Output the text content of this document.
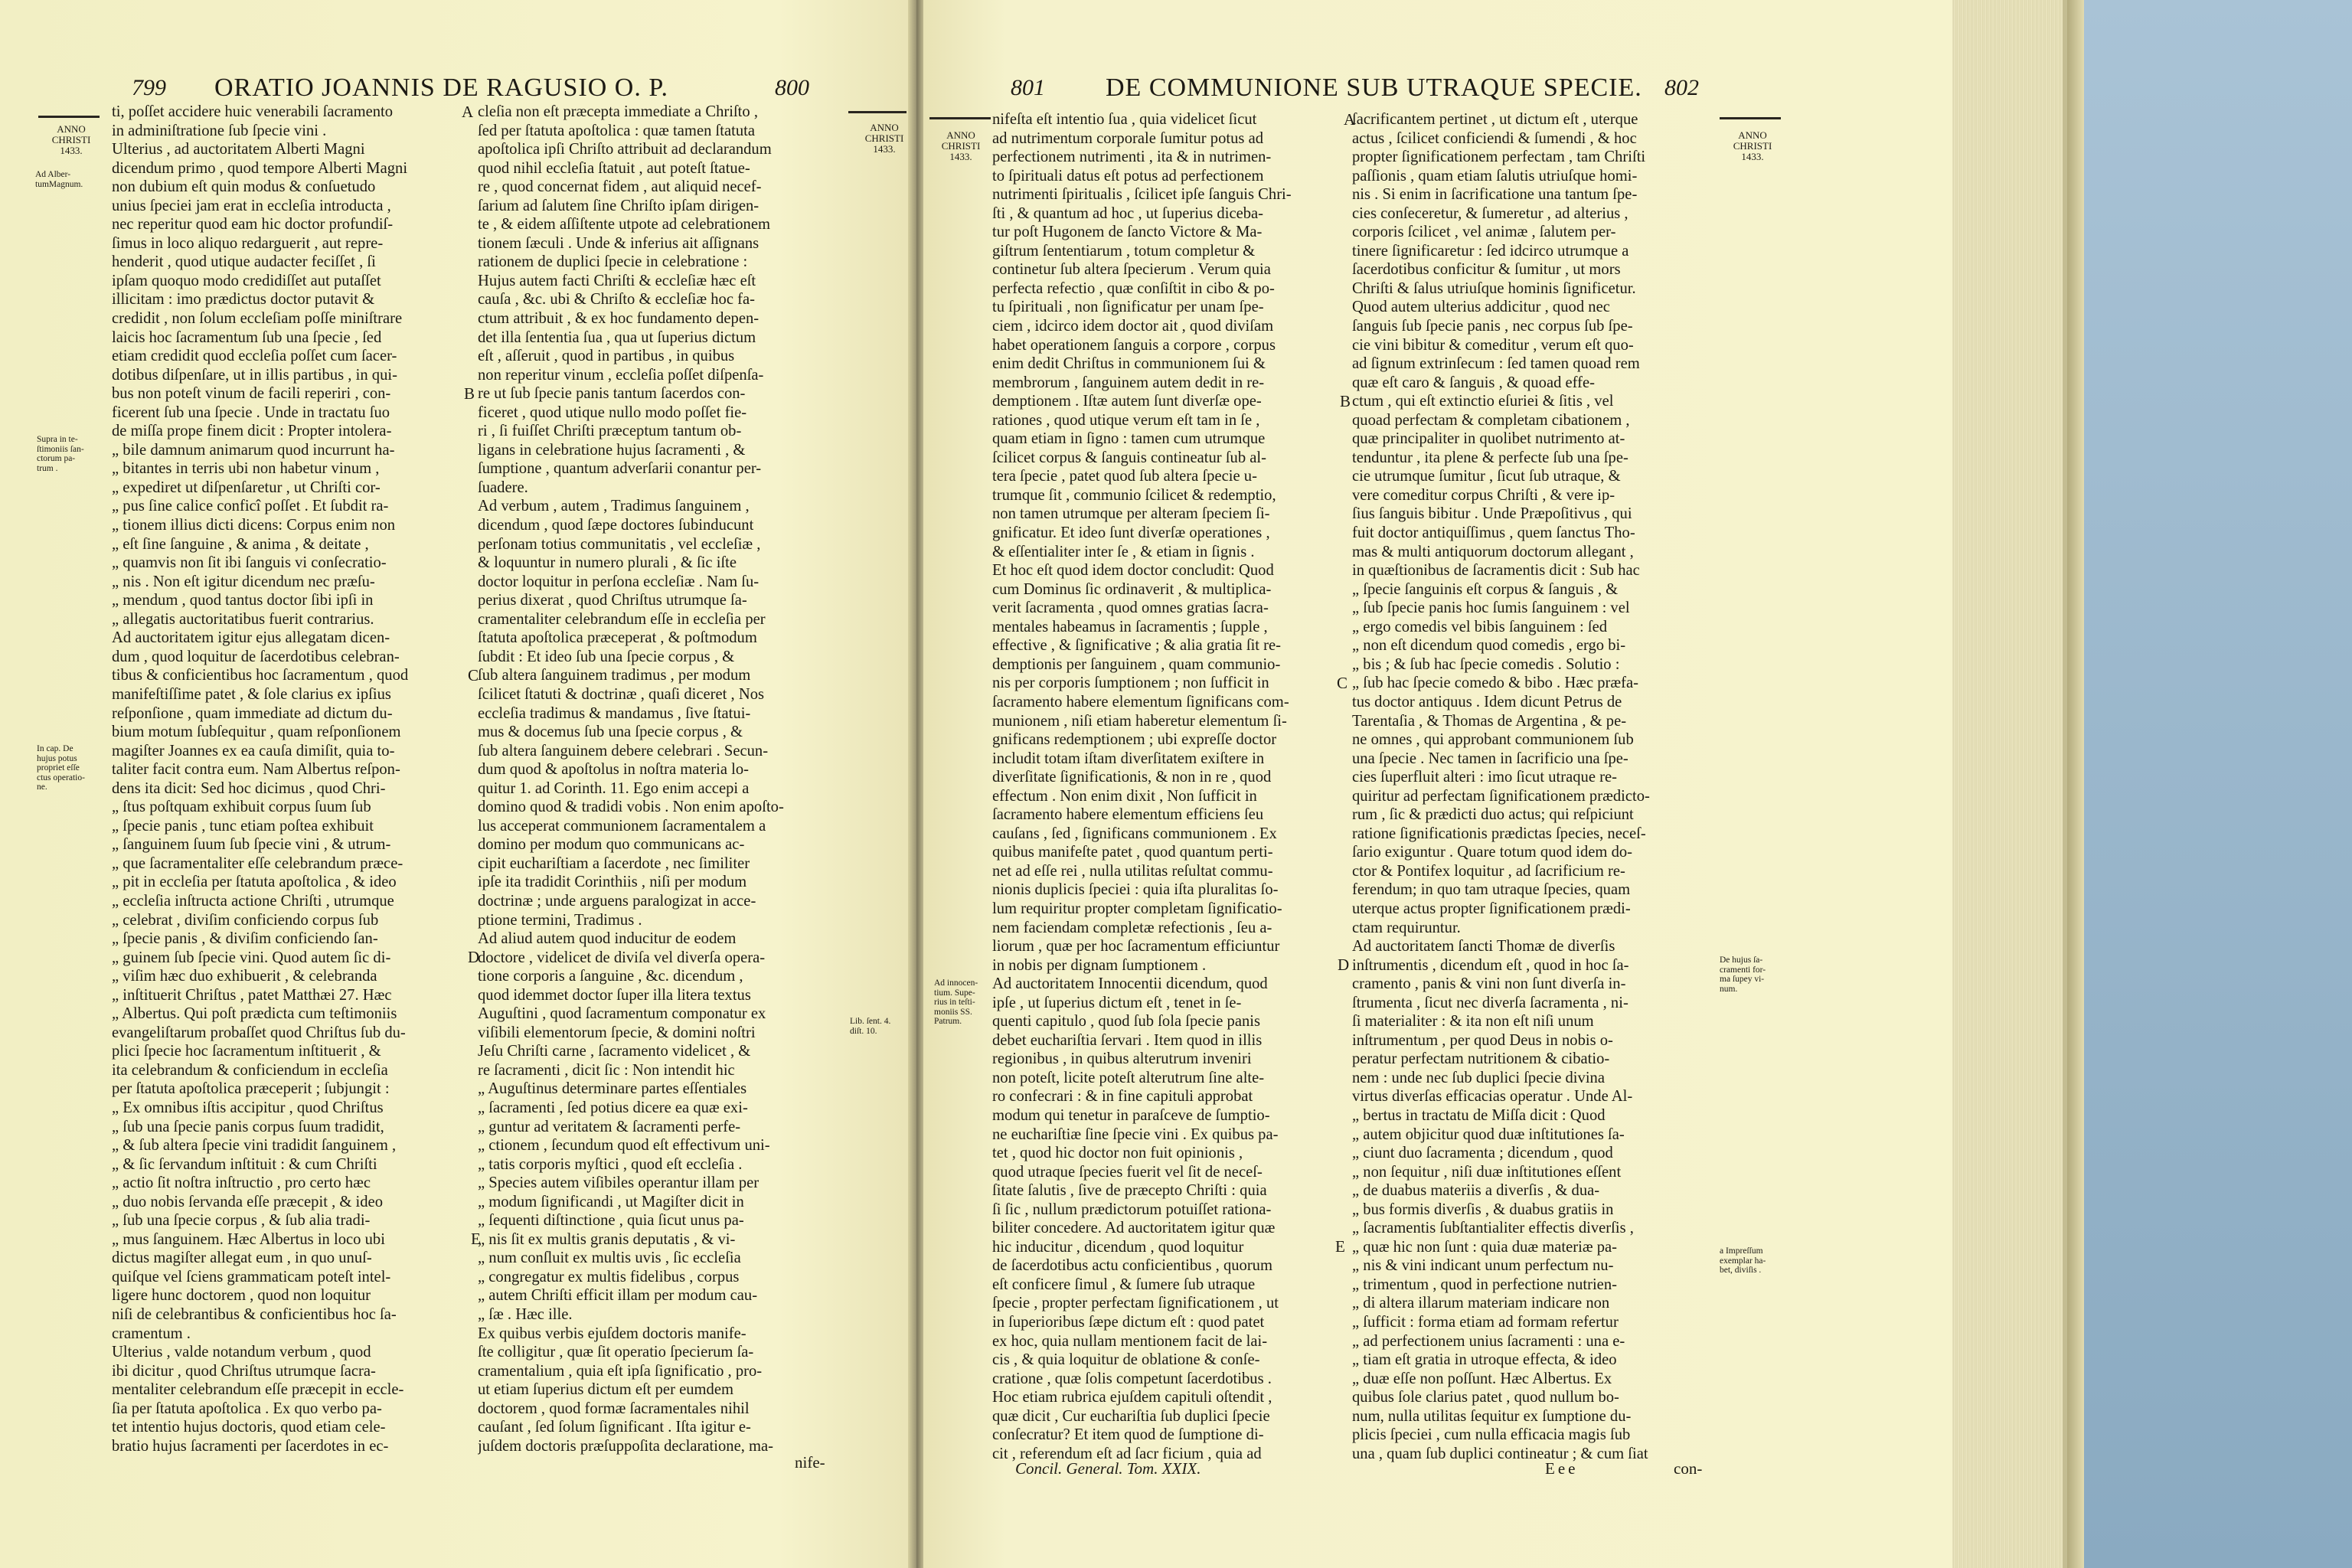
799 ORATIO JOANNIS DE RAGUSIO O. P.	800
ANNO
CHRISTI
1433.
ANNO
CHRISTI
1433.
Ad Alber-
tumMagnum.
Supra in te-
ſtimoniis ſan-
ctorum pa-
trum .
In cap. De
hujus potus
propriet eſſe
ctus operatio-
ne.
Lib. ſent. 4.
diſt. 10.
A
B
C
D
E
ti, poſſet accidere huic venerabili ſacramento
in adminiſtratione ſub ſpecie vini .
Ulterius , ad auctoritatem Alberti Magni
dicendum primo , quod tempore Alberti Magni
non dubium eſt quin modus & conſuetudo
unius ſpeciei jam erat in eccleſia introducta ,
nec reperitur quod eam hic doctor profundiſ-
ſimus in loco aliquo redarguerit , aut repre-
henderit , quod utique audacter feciſſet , ſi
ipſam quoquo modo credidiſſet aut putaſſet
illicitam : imo prædictus doctor putavit &
credidit , non ſolum eccleſiam poſſe miniſtrare
laicis hoc ſacramentum ſub una ſpecie , ſed
etiam credidit quod eccleſia poſſet cum ſacer-
dotibus diſpenſare, ut in illis partibus , in qui-
bus non poteſt vinum de facili reperiri , con-
ficerent ſub una ſpecie . Unde in tractatu ſuo
de miſſa prope finem dicit : Propter intolera-
„ bile damnum animarum quod incurrunt ha-
„ bitantes in terris ubi non habetur vinum ,
„ expediret ut diſpenſaretur , ut Chriſti cor-
„ pus ſine calice conficî poſſet . Et ſubdit ra-
„ tionem illius dicti dicens: Corpus enim non
„ eſt ſine ſanguine , & anima , & deitate ,
„ quamvis non ſit ibi ſanguis vi conſecratio-
„ nis . Non eſt igitur dicendum nec præſu-
„ mendum , quod tantus doctor ſibi ipſi in
„ allegatis auctoritatibus fuerit contrarius.
Ad auctoritatem igitur ejus allegatam dicen-
dum , quod loquitur de ſacerdotibus celebran-
tibus & conficientibus hoc ſacramentum , quod
manifeſtiſſime patet , & ſole clarius ex ipſius
reſponſione , quam immediate ad dictum du-
bium motum ſubſequitur , quam reſponſionem
magiſter Joannes ex ea cauſa dimiſit, quia to-
taliter facit contra eum. Nam Albertus reſpon-
dens ita dicit: Sed hoc dicimus , quod Chri-
„ ſtus poſtquam exhibuit corpus ſuum ſub
„ ſpecie panis , tunc etiam poſtea exhibuit
„ ſanguinem ſuum ſub ſpecie vini , & utrum-
„ que ſacramentaliter eſſe celebrandum præce-
„ pit in eccleſia per ſtatuta apoſtolica , & ideo
„ eccleſia inſtructa actione Chriſti , utrumque
„ celebrat , diviſim conficiendo corpus ſub
„ ſpecie panis , & diviſim conficiendo ſan-
„ guinem ſub ſpecie vini. Quod autem ſic di-
„ viſim hæc duo exhibuerit , & celebranda
„ inſtituerit Chriſtus , patet Matthæi 27. Hæc
„ Albertus. Qui poſt prædicta cum teſtimoniis
evangeliſtarum probaſſet quod Chriſtus ſub du-
plici ſpecie hoc ſacramentum inſtituerit , &
ita celebrandum & conficiendum in eccleſia
per ſtatuta apoſtolica præceperit ; ſubjungit :
„ Ex omnibus iſtis accipitur , quod Chriſtus
„ ſub una ſpecie panis corpus ſuum tradidit,
„ & ſub altera ſpecie vini tradidit ſanguinem ,
„ & ſic ſervandum inſtituit : & cum Chriſti
„ actio ſit noſtra inſtructio , pro certo hæc
„ duo nobis ſervanda eſſe præcepit , & ideo
„ ſub una ſpecie corpus , & ſub alia tradi-
„ mus ſanguinem. Hæc Albertus in loco ubi
dictus magiſter allegat eum , in quo unuſ-
quiſque vel ſciens grammaticam poteſt intel-
ligere hunc doctorem , quod non loquitur
niſi de celebrantibus & conficientibus hoc ſa-
cramentum .
Ulterius , valde notandum verbum , quod
ibi dicitur , quod Chriſtus utrumque ſacra-
mentaliter celebrandum eſſe præcepit in eccle-
ſia per ſtatuta apoſtolica . Ex quo verbo pa-
tet intentio hujus doctoris, quod etiam cele-
bratio hujus ſacramenti per ſacerdotes in ec-
cleſia non eſt præcepta immediate a Chriſto ,
ſed per ſtatuta apoſtolica : quæ tamen ſtatuta
apoſtolica ipſi Chriſto attribuit ad declarandum
quod nihil eccleſia ſtatuit , aut poteſt ſtatue-
re , quod concernat fidem , aut aliquid necef-
ſarium ad ſalutem ſine Chriſto ipſam dirigen-
te , & eidem aſſiſtente utpote ad celebrationem
tionem ſæculi . Unde & inferius ait aſſignans
rationem de duplici ſpecie in celebratione :
Hujus autem facti Chriſti & eccleſiæ hæc eſt
cauſa , &c. ubi & Chriſto & eccleſiæ hoc fa-
ctum attribuit , & ex hoc fundamento depen-
det illa ſententia ſua , qua ut ſuperius dictum
eſt , aſſeruit , quod in partibus , in quibus
non reperitur vinum , eccleſia poſſet diſpenſa-
re ut ſub ſpecie panis tantum ſacerdos con-
ficeret , quod utique nullo modo poſſet fie-
ri , ſi fuiſſet Chriſti præceptum tantum ob-
ligans in celebratione hujus ſacramenti , &
ſumptione , quantum adverſarii conantur per-
ſuadere.
Ad verbum , autem , Tradimus ſanguinem ,
dicendum , quod ſæpe doctores ſubinducunt
perſonam totius communitatis , vel eccleſiæ ,
& loquuntur in numero plurali , & ſic iſte
doctor loquitur in perſona eccleſiæ . Nam ſu-
perius dixerat , quod Chriſtus utrumque ſa-
cramentaliter celebrandum eſſe in eccleſia per
ſtatuta apoſtolica præceperat , & poſtmodum
ſubdit : Et ideo ſub una ſpecie corpus , &
ſub altera ſanguinem tradimus , per modum
ſcilicet ſtatuti & doctrinæ , quaſi diceret , Nos
eccleſia tradimus & mandamus , ſive ſtatui-
mus & docemus ſub una ſpecie corpus , &
ſub altera ſanguinem debere celebrari . Secun-
dum quod & apoſtolus in noſtra materia lo-
quitur 1. ad Corinth. 11. Ego enim accepi a
domino quod & tradidi vobis . Non enim apoſto-
lus acceperat communionem ſacramentalem a
domino per modum quo communicans ac-
cipit euchariſtiam a ſacerdote , nec ſimiliter
ipſe ita tradidit Corinthiis , niſi per modum
doctrinæ ; unde arguens paralogizat in acce-
ptione termini, Tradimus .
Ad aliud autem quod inducitur de eodem
doctore , videlicet de diviſa vel diverſa opera-
tione corporis a ſanguine , &c. dicendum ,
quod idemmet doctor ſuper illa litera textus
Auguſtini , quod ſacramentum componatur ex
viſibili elementorum ſpecie, & domini noſtri
Jeſu Chriſti carne , ſacramento videlicet , &
re ſacramenti , dicit ſic : Non intendit hic
„ Auguſtinus determinare partes eſſentiales
„ ſacramenti , ſed potius dicere ea quæ exi-
„ guntur ad veritatem & ſacramenti perfe-
„ ctionem , ſecundum quod eſt effectivum uni-
„ tatis corporis myſtici , quod eſt eccleſia .
„ Species autem viſibiles operantur illam per
„ modum ſignificandi , ut Magiſter dicit in
„ ſequenti diſtinctione , quia ſicut unus pa-
„ nis ſit ex multis granis deputatis , & vi-
„ num conſluit ex multis uvis , ſic eccleſia
„ congregatur ex multis fidelibus , corpus
„ autem Chriſti efficit illam per modum cau-
„ ſæ . Hæc ille.
Ex quibus verbis ejuſdem doctoris manife-
ſte colligitur , quæ ſit operatio ſpecierum ſa-
cramentalium , quia eſt ipſa ſignificatio , pro-
ut etiam ſuperius dictum eſt per eumdem
doctorem , quod formæ ſacramentales nihil
cauſant , ſed ſolum ſignificant . Iſta igitur e-
juſdem doctoris præſuppoſita declaratione, ma-
nife-
801 DE COMMUNIONE SUB UTRAQUE SPECIE. 802
ANNO
CHRISTI
1433.
ANNO
CHRISTI
1433.
Ad innocen-
tium. Supe-
rius in teſti-
moniis SS.
Patrum.
De hujus ſa-
cramenti for-
ma ſupey vi-
num.
a Impreſſum
exemplar ha-
bet, diviſis .
A
B
C
D
E
nifeſta eſt intentio ſua , quia videlicet ſicut
ad nutrimentum corporale ſumitur potus ad
perfectionem nutrimenti , ita & in nutrimen-
to ſpirituali datus eſt potus ad perfectionem
nutrimenti ſpiritualis , ſcilicet ipſe ſanguis Chri-
ſti , & quantum ad hoc , ut ſuperius diceba-
tur poſt Hugonem de ſancto Victore & Ma-
giſtrum ſententiarum , totum completur &
continetur ſub altera ſpecierum . Verum quia
perfecta refectio , quæ conſiſtit in cibo & po-
tu ſpirituali , non ſignificatur per unam ſpe-
ciem , idcirco idem doctor ait , quod diviſam
habet operationem ſanguis a corpore , corpus
enim dedit Chriſtus in communionem ſui &
membrorum , ſanguinem autem dedit in re-
demptionem . Iſtæ autem ſunt diverſæ ope-
rationes , quod utique verum eſt tam in ſe ,
quam etiam in ſigno : tamen cum utrumque
ſcilicet corpus & ſanguis contineatur ſub al-
tera ſpecie , patet quod ſub altera ſpecie u-
trumque ſit , communio ſcilicet & redemptio,
non tamen utrumque per alteram ſpeciem ſi-
gnificatur. Et ideo ſunt diverſæ operationes ,
& eſſentialiter inter ſe , & etiam in ſignis .
Et hoc eſt quod idem doctor concludit: Quod
cum Dominus ſic ordinaverit , & multiplica-
verit ſacramenta , quod omnes gratias ſacra-
mentales habeamus in ſacramentis ; ſupple ,
effective , & ſignificative ; & alia gratia ſit re-
demptionis per ſanguinem , quam communio-
nis per corporis ſumptionem ; non ſufficit in
ſacramento habere elementum ſignificans com-
munionem , niſi etiam haberetur elementum ſi-
gnificans redemptionem ; ubi expreſſe doctor
includit totam iſtam diverſitatem exiſtere in
diverſitate ſignificationis, & non in re , quod
effectum . Non enim dixit , Non ſufficit in
ſacramento habere elementum efficiens ſeu
cauſans , ſed , ſignificans communionem . Ex
quibus manifeſte patet , quod quantum perti-
net ad eſſe rei , nulla utilitas reſultat commu-
nionis duplicis ſpeciei : quia iſta pluralitas ſo-
lum requiritur propter completam ſignificatio-
nem faciendam completæ refectionis , ſeu a-
liorum , quæ per hoc ſacramentum efficiuntur
in nobis per dignam ſumptionem .
Ad auctoritatem Innocentii dicendum, quod
ipſe , ut ſuperius dictum eſt , tenet in ſe-
quenti capitulo , quod ſub ſola ſpecie panis
debet euchariſtia ſervari . Item quod in illis
regionibus , in quibus alterutrum inveniri
non poteſt, licite poteſt alterutrum ſine alte-
ro confecrari : & in fine capituli approbat
modum qui tenetur in paraſceve de ſumptio-
ne euchariſtiæ ſine ſpecie vini . Ex quibus pa-
tet , quod hic doctor non fuit opinionis ,
quod utraque ſpecies fuerit vel ſit de neceſ-
ſitate ſalutis , ſive de præcepto Chriſti : quia
ſi ſic , nullum prædictorum potuiſſet rationa-
biliter concedere. Ad auctoritatem igitur quæ
hic inducitur , dicendum , quod loquitur
de ſacerdotibus actu conficientibus , quorum
eſt conficere ſimul , & ſumere ſub utraque
ſpecie , propter perfectam ſignificationem , ut
in ſuperioribus ſæpe dictum eſt : quod patet
ex hoc, quia nullam mentionem facit de lai-
cis , & quia loquitur de oblatione & conſe-
cratione , quæ ſolis competunt ſacerdotibus .
Hoc etiam rubrica ejuſdem capituli oſtendit ,
quæ dicit , Cur euchariſtia ſub duplici ſpecie
conſecratur? Et item quod de ſumptione di-
cit , referendum eſt ad ſacr ficium , quia ad
ſacrificantem pertinet , ut dictum eſt , uterque
actus , ſcilicet conficiendi & ſumendi , & hoc
propter ſignificationem perfectam , tam Chriſti
paſſionis , quam etiam ſalutis utriuſque homi-
nis . Si enim in ſacrificatione una tantum ſpe-
cies conſeceretur, & ſumeretur , ad alterius ,
corporis ſcilicet , vel animæ , ſalutem per-
tinere ſignificaretur : ſed idcirco utrumque a
ſacerdotibus conficitur & ſumitur , ut mors
Chriſti & ſalus utriuſque hominis ſignificetur.
Quod autem ulterius addicitur , quod nec
ſanguis ſub ſpecie panis , nec corpus ſub ſpe-
cie vini bibitur & comeditur , verum eſt quo-
ad ſignum extrinſecum : ſed tamen quoad rem
quæ eſt caro & ſanguis , & quoad effe-
ctum , qui eſt extinctio eſuriei & ſitis , vel
quoad perfectam & completam cibationem ,
quæ principaliter in quolibet nutrimento at-
tenduntur , ita plene & perfecte ſub una ſpe-
cie utrumque ſumitur , ſicut ſub utraque, &
vere comeditur corpus Chriſti , & vere ip-
ſius ſanguis bibitur . Unde Præpoſitivus , qui
fuit doctor antiquiſſimus , quem ſanctus Tho-
mas & multi antiquorum doctorum allegant ,
in quæſtionibus de ſacramentis dicit : Sub hac
„ ſpecie ſanguinis eſt corpus & ſanguis , &
„ ſub ſpecie panis hoc ſumis ſanguinem : vel
„ ergo comedis vel bibis ſanguinem : ſed
„ non eſt dicendum quod comedis , ergo bi-
„ bis ; & ſub hac ſpecie comedis . Solutio :
„ ſub hac ſpecie comedo & bibo . Hæc præfa-
tus doctor antiquus . Idem dicunt Petrus de
Tarentaſia , & Thomas de Argentina , & pe-
ne omnes , qui approbant communionem ſub
una ſpecie . Nec tamen in ſacrificio una ſpe-
cies ſuperfluit alteri : imo ſicut utraque re-
quiritur ad perfectam ſignificationem prædicto-
rum , ſic & prædicti duo actus; qui reſpiciunt
ratione ſignificationis prædictas ſpecies, neceſ-
ſario exiguntur . Quare totum quod idem do-
ctor & Pontifex loquitur , ad ſacrificium re-
ferendum; in quo tam utraque ſpecies, quam
uterque actus propter ſignificationem prædi-
ctam requiruntur.
Ad auctoritatem ſancti Thomæ de diverſis
inſtrumentis , dicendum eſt , quod in hoc ſa-
cramento , panis & vini non ſunt diverſa in-
ſtrumenta , ſicut nec diverſa ſacramenta , ni-
ſi materialiter : & ita non eſt niſi unum
inſtrumentum , per quod Deus in nobis o-
peratur perfectam nutritionem & cibatio-
nem : unde nec ſub duplici ſpecie divina
virtus diverſas efficacias operatur . Unde Al-
„ bertus in tractatu de Miſſa dicit : Quod
„ autem objicitur quod duæ inſtitutiones ſa-
„ ciunt duo ſacramenta ; dicendum , quod
„ non ſequitur , niſi duæ inſtitutiones eſſent
„ de duabus materiis a diverſis , & dua-
„ bus formis diverſis , & duabus gratiis in
„ ſacramentis ſubſtantialiter effectis diverſis ,
„ quæ hic non ſunt : quia duæ materiæ pa-
„ nis & vini indicant unum perfectum nu-
„ trimentum , quod in perfectione nutrien-
„ di altera illarum materiam indicare non
„ ſufficit : forma etiam ad formam refertur
„ ad perfectionem unius ſacramenti : una e-
„ tiam eſt gratia in utroque effecta, & ideo
„ duæ eſſe non poſſunt. Hæc Albertus. Ex
quibus ſole clarius patet , quod nullum bo-
num, nulla utilitas ſequitur ex ſumptione du-
plicis ſpeciei , cum nulla efficacia magis ſub
una , quam ſub duplici contineatur ; & cum ſiat
Concil. General. Tom. XXIX.	Eee	con-
